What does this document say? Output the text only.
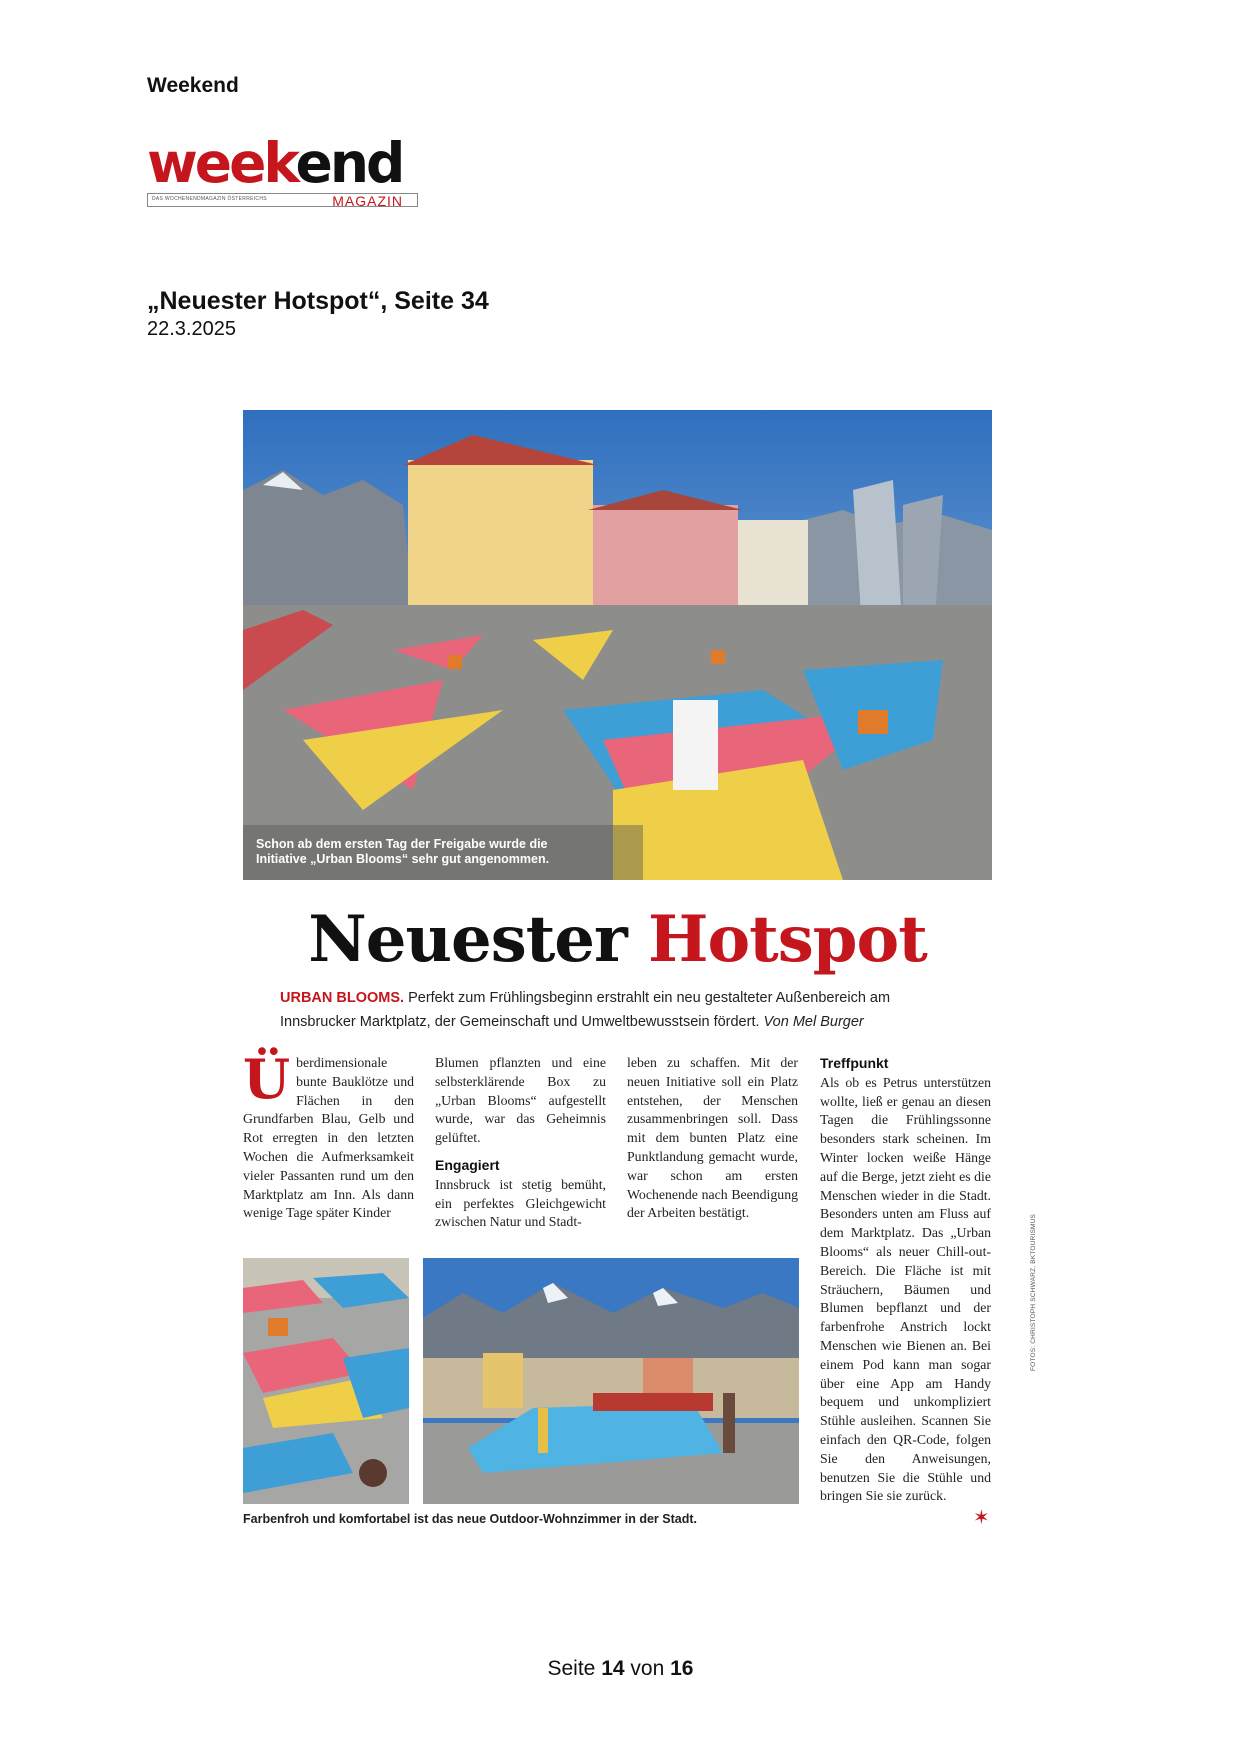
Weekend
weekend
DAS WOCHENENDMAGAZIN ÖSTERREICHS	MAGAZIN
„Neuester Hotspot“, Seite 34
22.3.2025
Schon ab dem ersten Tag der Freigabe wurde die
Initiative „Urban Blooms“ sehr gut angenommen.
Neuester Hotspot
URBAN BLOOMS. Perfekt zum Frühlingsbeginn erstrahlt ein neu gestalteter Außenbereich am Innsbrucker Marktplatz, der Gemeinschaft und Umweltbewusstsein fördert. Von Mel Burger

Überdimensionale bunte Bauklötze und Flächen in den Grundfarben Blau, Gelb und Rot erregten in den letzten Wochen die Aufmerksamkeit vieler Passanten rund um den Marktplatz am Inn. Als dann wenige Tage später Kinder

Blumen pflanzten und eine selbsterklärende Box zu „Urban Blooms“ aufgestellt wurde, war das Geheimnis gelüftet.

Engagiert

Innsbruck ist stetig bemüht, ein perfektes Gleichgewicht zwischen Natur und Stadt-

leben zu schaffen. Mit der neuen Initiative soll ein Platz entstehen, der Menschen zusammenbringen soll. Dass mit dem bunten Platz eine Punktlandung gemacht wurde, war schon am ersten Wochenende nach Beendigung der Arbeiten bestätigt.

Treffpunkt

Als ob es Petrus unterstützen wollte, ließ er genau an diesen Tagen die Frühlingssonne besonders stark scheinen. Im Winter locken weiße Hänge auf die Berge, jetzt zieht es die Menschen wieder in die Stadt. Besonders unten am Fluss auf dem Marktplatz. Das „Urban Blooms“ als neuer Chill-out-Bereich. Die Fläche ist mit Sträuchern, Bäumen und Blumen bepflanzt und der farbenfrohe Anstrich lockt Menschen wie Bienen an. Bei einem Pod kann man sogar über eine App am Handy bequem und unkompliziert Stühle ausleihen. Scannen Sie einfach den QR-Code, folgen Sie den Anweisungen, benutzen Sie die Stühle und bringen Sie sie zurück.

Farbenfroh und komfortabel ist das neue Outdoor-Wohnzimmer in der Stadt.	✶
FOTOS: CHRISTOPH SCHWARZ, BKTOURISMUS
Seite 14 von 16
